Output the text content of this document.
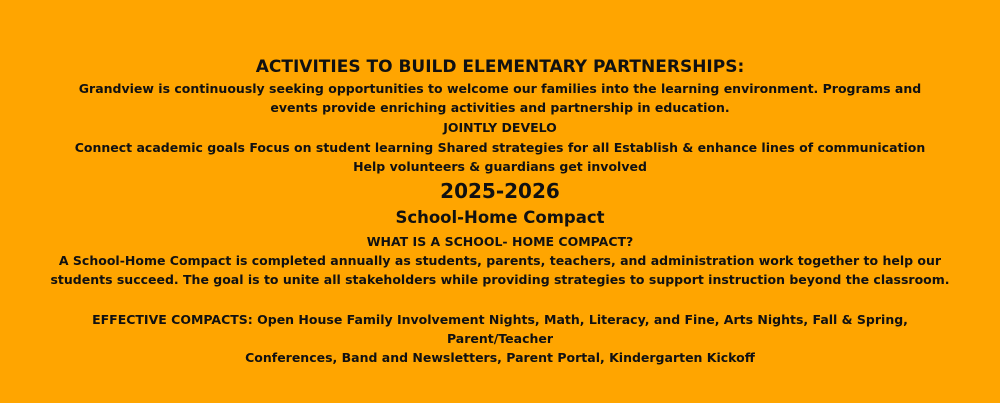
ACTIVITIES TO BUILD ELEMENTARY PARTNERSHIPS:
Grandview is continuously seeking opportunities to welcome our families into the learning environment. Programs and
events provide enriching activities and partnership in education.
JOINTLY DEVELO
Connect academic goals Focus on student learning Shared strategies for all Establish & enhance lines of communication
Help volunteers & guardians get involved
2025-2026
School-Home Compact
WHAT IS A SCHOOL- HOME COMPACT?
A School-Home Compact is completed annually as students, parents, teachers, and administration work together to help our
students succeed. The goal is to unite all stakeholders while providing strategies to support instruction beyond the classroom.
EFFECTIVE COMPACTS: Open House Family Involvement Nights, Math, Literacy, and Fine, Arts Nights, Fall & Spring,
Parent/Teacher
Conferences, Band and Newsletters, Parent Portal, Kindergarten Kickoff
